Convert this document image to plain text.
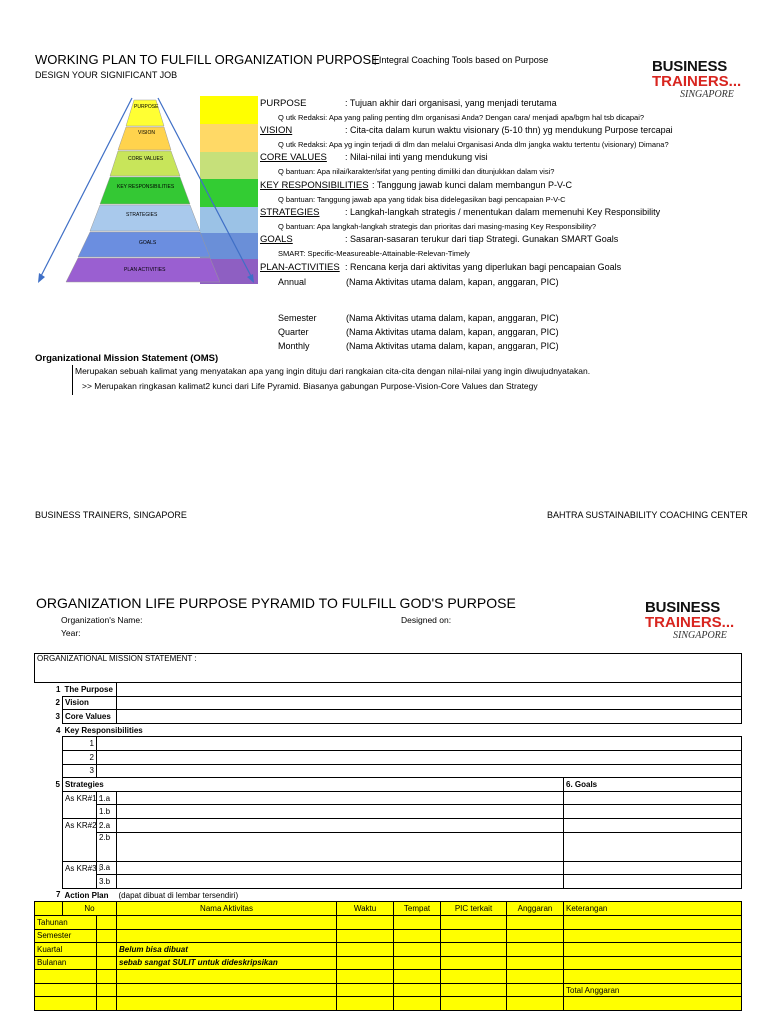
WORKING PLAN TO FULFILL ORGANIZATION PURPOSE
| Integral Coaching Tools based on Purpose
DESIGN YOUR SIGNIFICANT JOB	BUSINESS
TRAINERS...
SINGAPORE
PURPOSE
VISION
CORE VALUES
KEY RESPONSIBILITIES
STRATEGIES
GOALS
PLAN ACTIVITIES
PURPOSE	: Tujuan akhir dari organisasi, yang menjadi terutama
Q utk Redaksi: Apa yang paling penting dlm organisasi Anda? Dengan cara/ menjadi apa/bgm hal tsb dicapai?
VISION	: Cita-cita dalam kurun waktu visionary (5-10 thn) yg mendukung Purpose tercapai
Q utk Redaksi: Apa yg ingin terjadi di dlm dan melalui Organisasi Anda dlm jangka waktu tertentu (visionary) Dimana?
CORE VALUES : Nilai-nilai inti yang mendukung visi
Q bantuan: Apa nilai/karakter/sifat yang penting dimiliki dan ditunjukkan dalam visi?
KEY RESPONSIBILITIES : Tanggung jawab kunci dalam membangun P-V-C
Q bantuan: Tanggung jawab apa yang tidak bisa didelegasikan bagi pencapaian P-V-C
STRATEGIES	: Langkah-langkah strategis / menentukan dalam memenuhi Key Responsibility
Q bantuan: Apa langkah-langkah strategis dan prioritas dari masing-masing Key Responsibility?
GOALS	: Sasaran-sasaran terukur dari tiap Strategi. Gunakan SMART Goals
SMART: Specific-Measureable-Attainable-Relevan-Timely
PLAN-ACTIVITIES : Rencana kerja dari aktivitas yang diperlukan bagi pencapaian Goals
Annual	(Nama Aktivitas utama dalam, kapan, anggaran, PIC)
Semester	(Nama Aktivitas utama dalam, kapan, anggaran, PIC)
Quarter	(Nama Aktivitas utama dalam, kapan, anggaran, PIC)
Monthly	(Nama Aktivitas utama dalam, kapan, anggaran, PIC)
Organizational Mission Statement (OMS)
Merupakan sebuah kalimat yang menyatakan apa yang ingin dituju dari rangkaian cita-cita dengan nilai-nilai yang ingin diwujudnyatakan.
>> Merupakan ringkasan kalimat2 kunci dari Life Pyramid. Biasanya gabungan Purpose-Vision-Core Values dan Strategy
BUSINESS TRAINERS, SINGAPORE	BAHTRA SUSTAINABILITY COACHING CENTER
ORGANIZATION LIFE PURPOSE PYRAMID TO FULFILL GOD'S PURPOSE	BUSINESS
TRAINERS...
SINGAPORE
Organization's Name:	Designed on:
Year:
ORGANIZATIONAL MISSION STATEMENT :								
1	The Purpose							
2	Vision							
3	Core Values							
4	Key Responsibilities							
	1							
	2							
	3							
5	Strategies							6. Goals
	As KR#1 :	1.a						
		1.b						
	As KR#2 :	2.a						
		2.b						
	As KR#3 :	3.a						
		3.b						
7	Action Plan		(dapat dibuat di lembar tersendiri)					
	No		Nama Aktivitas	Waktu	Tempat	PIC terkait	Anggaran	Keterangan
Tahunan								
Semester								
Kuartal			Belum bisa dibuat					
Bulanan			sebab sangat SULIT untuk dideskripsikan					

								Total Anggaran
